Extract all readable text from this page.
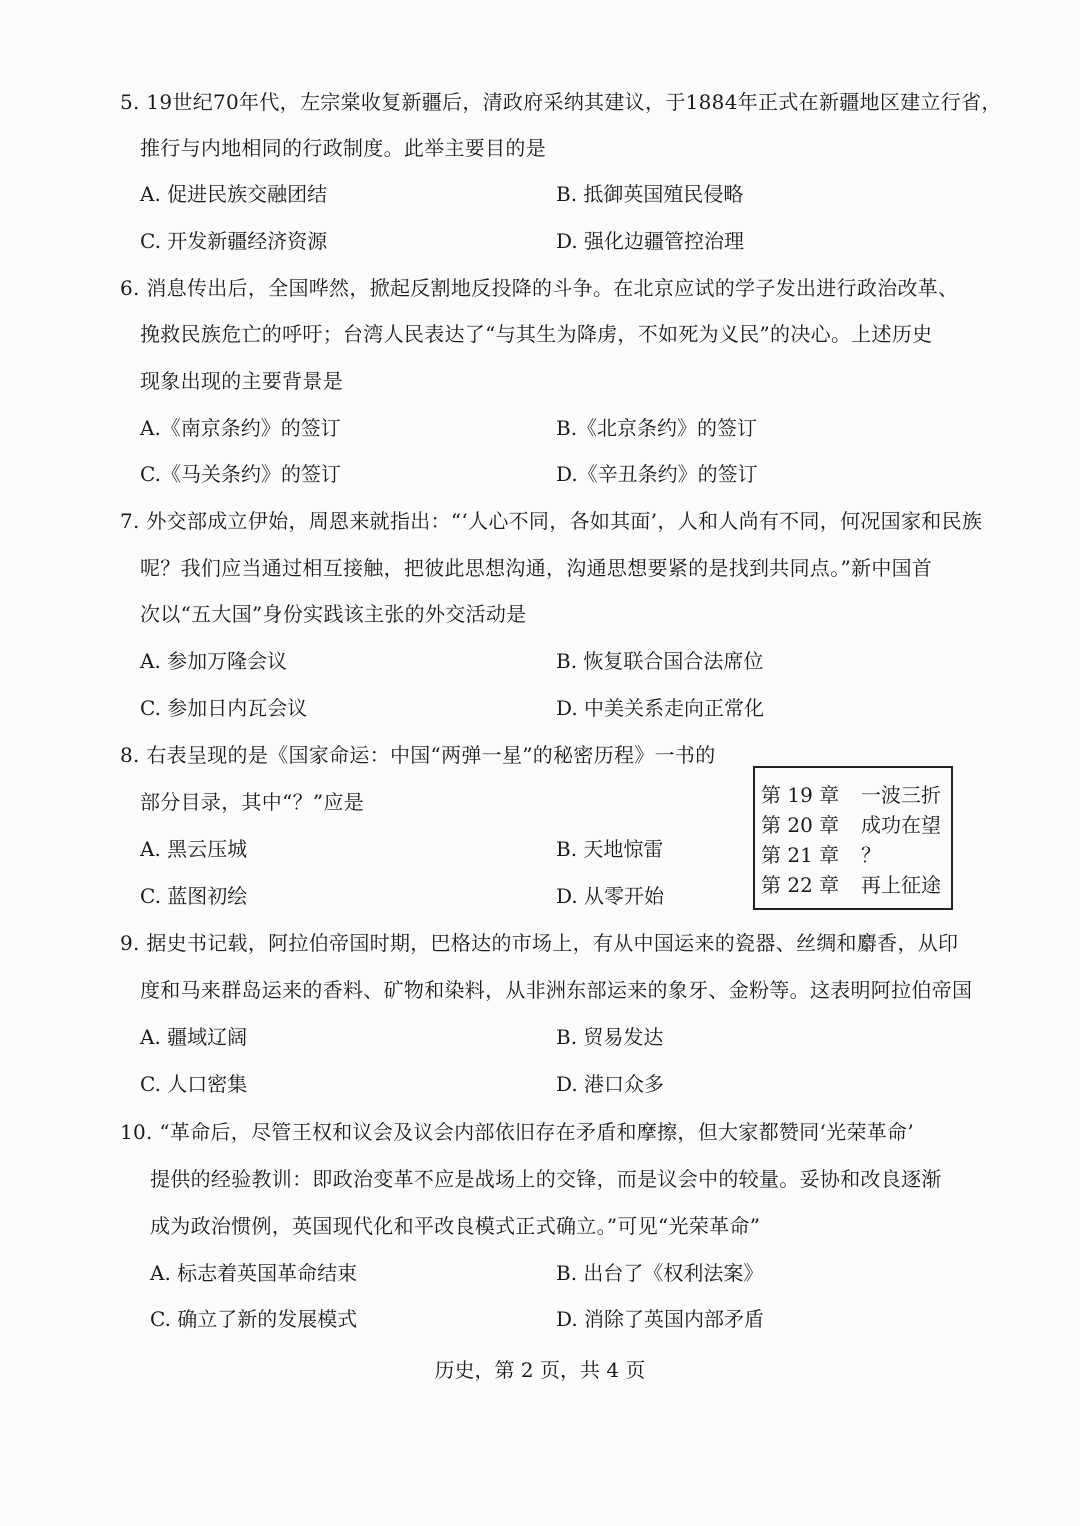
5. 19世纪70年代，左宗棠收复新疆后，清政府采纳其建议，于1884年正式在新疆地区建立行省，
推行与内地相同的行政制度。此举主要目的是
A. 促进民族交融团结	B. 抵御英国殖民侵略
C. 开发新疆经济资源	D. 强化边疆管控治理
6. 消息传出后，全国哗然，掀起反割地反投降的斗争。在北京应试的学子发出进行政治改革、
挽救民族危亡的呼吁；台湾人民表达了“与其生为降虏，不如死为义民”的决心。上述历史
现象出现的主要背景是
A.《南京条约》的签订	B.《北京条约》的签订
C.《马关条约》的签订	D.《辛丑条约》的签订
7. 外交部成立伊始，周恩来就指出：“‘人心不同，各如其面’，人和人尚有不同，何况国家和民族
呢？我们应当通过相互接触，把彼此思想沟通，沟通思想要紧的是找到共同点。”新中国首
次以“五大国”身份实践该主张的外交活动是
A. 参加万隆会议	B. 恢复联合国合法席位
C. 参加日内瓦会议	D. 中美关系走向正常化
8. 右表呈现的是《国家命运：中国“两弹一星”的秘密历程》一书的
部分目录，其中“？”应是
A. 黑云压城	B. 天地惊雷
C. 蓝图初绘	D. 从零开始
第 19 章 一波三折
第 20 章 成功在望
第 21 章 ？
第 22 章 再上征途
9. 据史书记载，阿拉伯帝国时期，巴格达的市场上，有从中国运来的瓷器、丝绸和麝香，从印
度和马来群岛运来的香料、矿物和染料，从非洲东部运来的象牙、金粉等。这表明阿拉伯帝国
A. 疆域辽阔	B. 贸易发达
C. 人口密集	D. 港口众多
10. “革命后，尽管王权和议会及议会内部依旧存在矛盾和摩擦，但大家都赞同‘光荣革命’
提供的经验教训：即政治变革不应是战场上的交锋，而是议会中的较量。妥协和改良逐渐
成为政治惯例，英国现代化和平改良模式正式确立。”可见“光荣革命”
A. 标志着英国革命结束	B. 出台了《权利法案》
C. 确立了新的发展模式	D. 消除了英国内部矛盾
历史，第 2 页，共 4 页
